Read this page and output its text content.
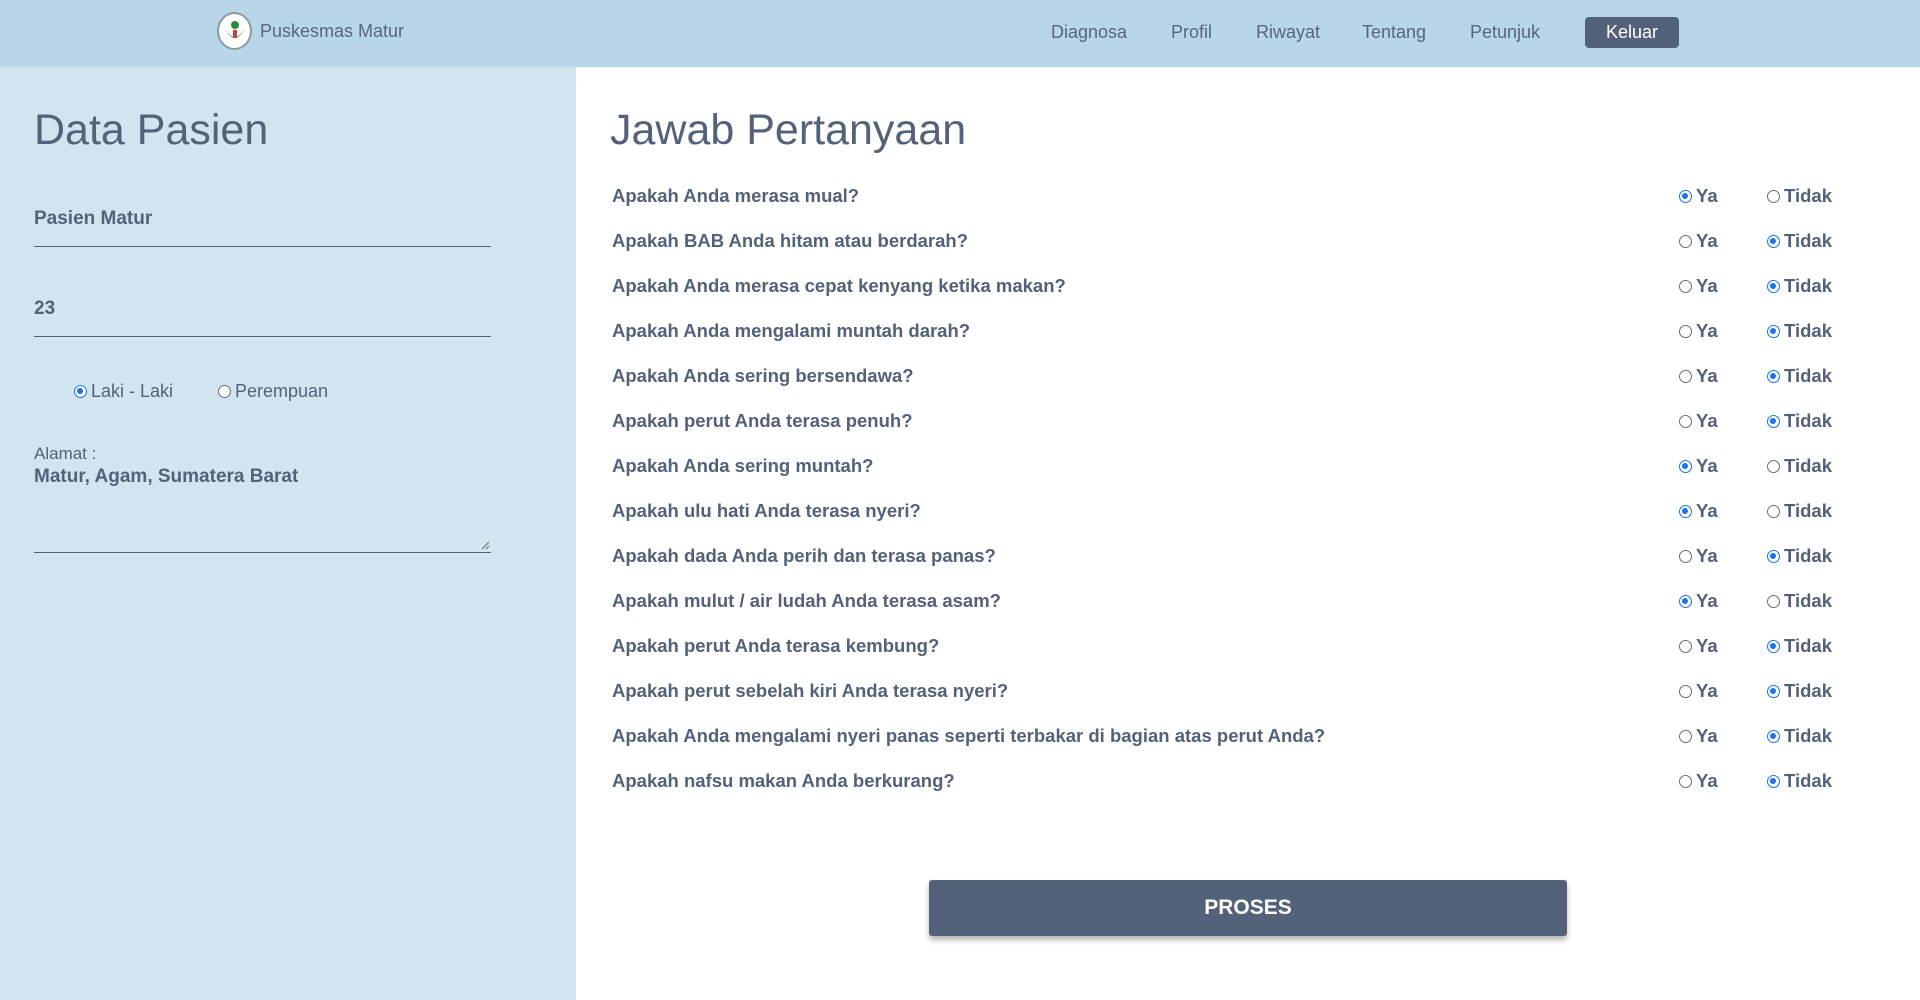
Puskesmas Matur	Diagnosa Profil Riwayat Tentang Petunjuk	Keluar
Data Pasien
Pasien Matur
23
Laki - Laki	Perempuan
Alamat :
Matur, Agam, Sumatera Barat
Jawab Pertanyaan
Apakah Anda merasa mual?	Ya	Tidak
Apakah BAB Anda hitam atau berdarah?	Ya	Tidak
Apakah Anda merasa cepat kenyang ketika makan?	Ya	Tidak
Apakah Anda mengalami muntah darah?	Ya	Tidak
Apakah Anda sering bersendawa?	Ya	Tidak
Apakah perut Anda terasa penuh?	Ya	Tidak
Apakah Anda sering muntah?	Ya	Tidak
Apakah ulu hati Anda terasa nyeri?	Ya	Tidak
Apakah dada Anda perih dan terasa panas?	Ya	Tidak
Apakah mulut / air ludah Anda terasa asam?	Ya	Tidak
Apakah perut Anda terasa kembung?	Ya	Tidak
Apakah perut sebelah kiri Anda terasa nyeri?	Ya	Tidak
Apakah Anda mengalami nyeri panas seperti terbakar di bagian atas perut Anda?	Ya	Tidak
Apakah nafsu makan Anda berkurang?	Ya	Tidak
PROSES
